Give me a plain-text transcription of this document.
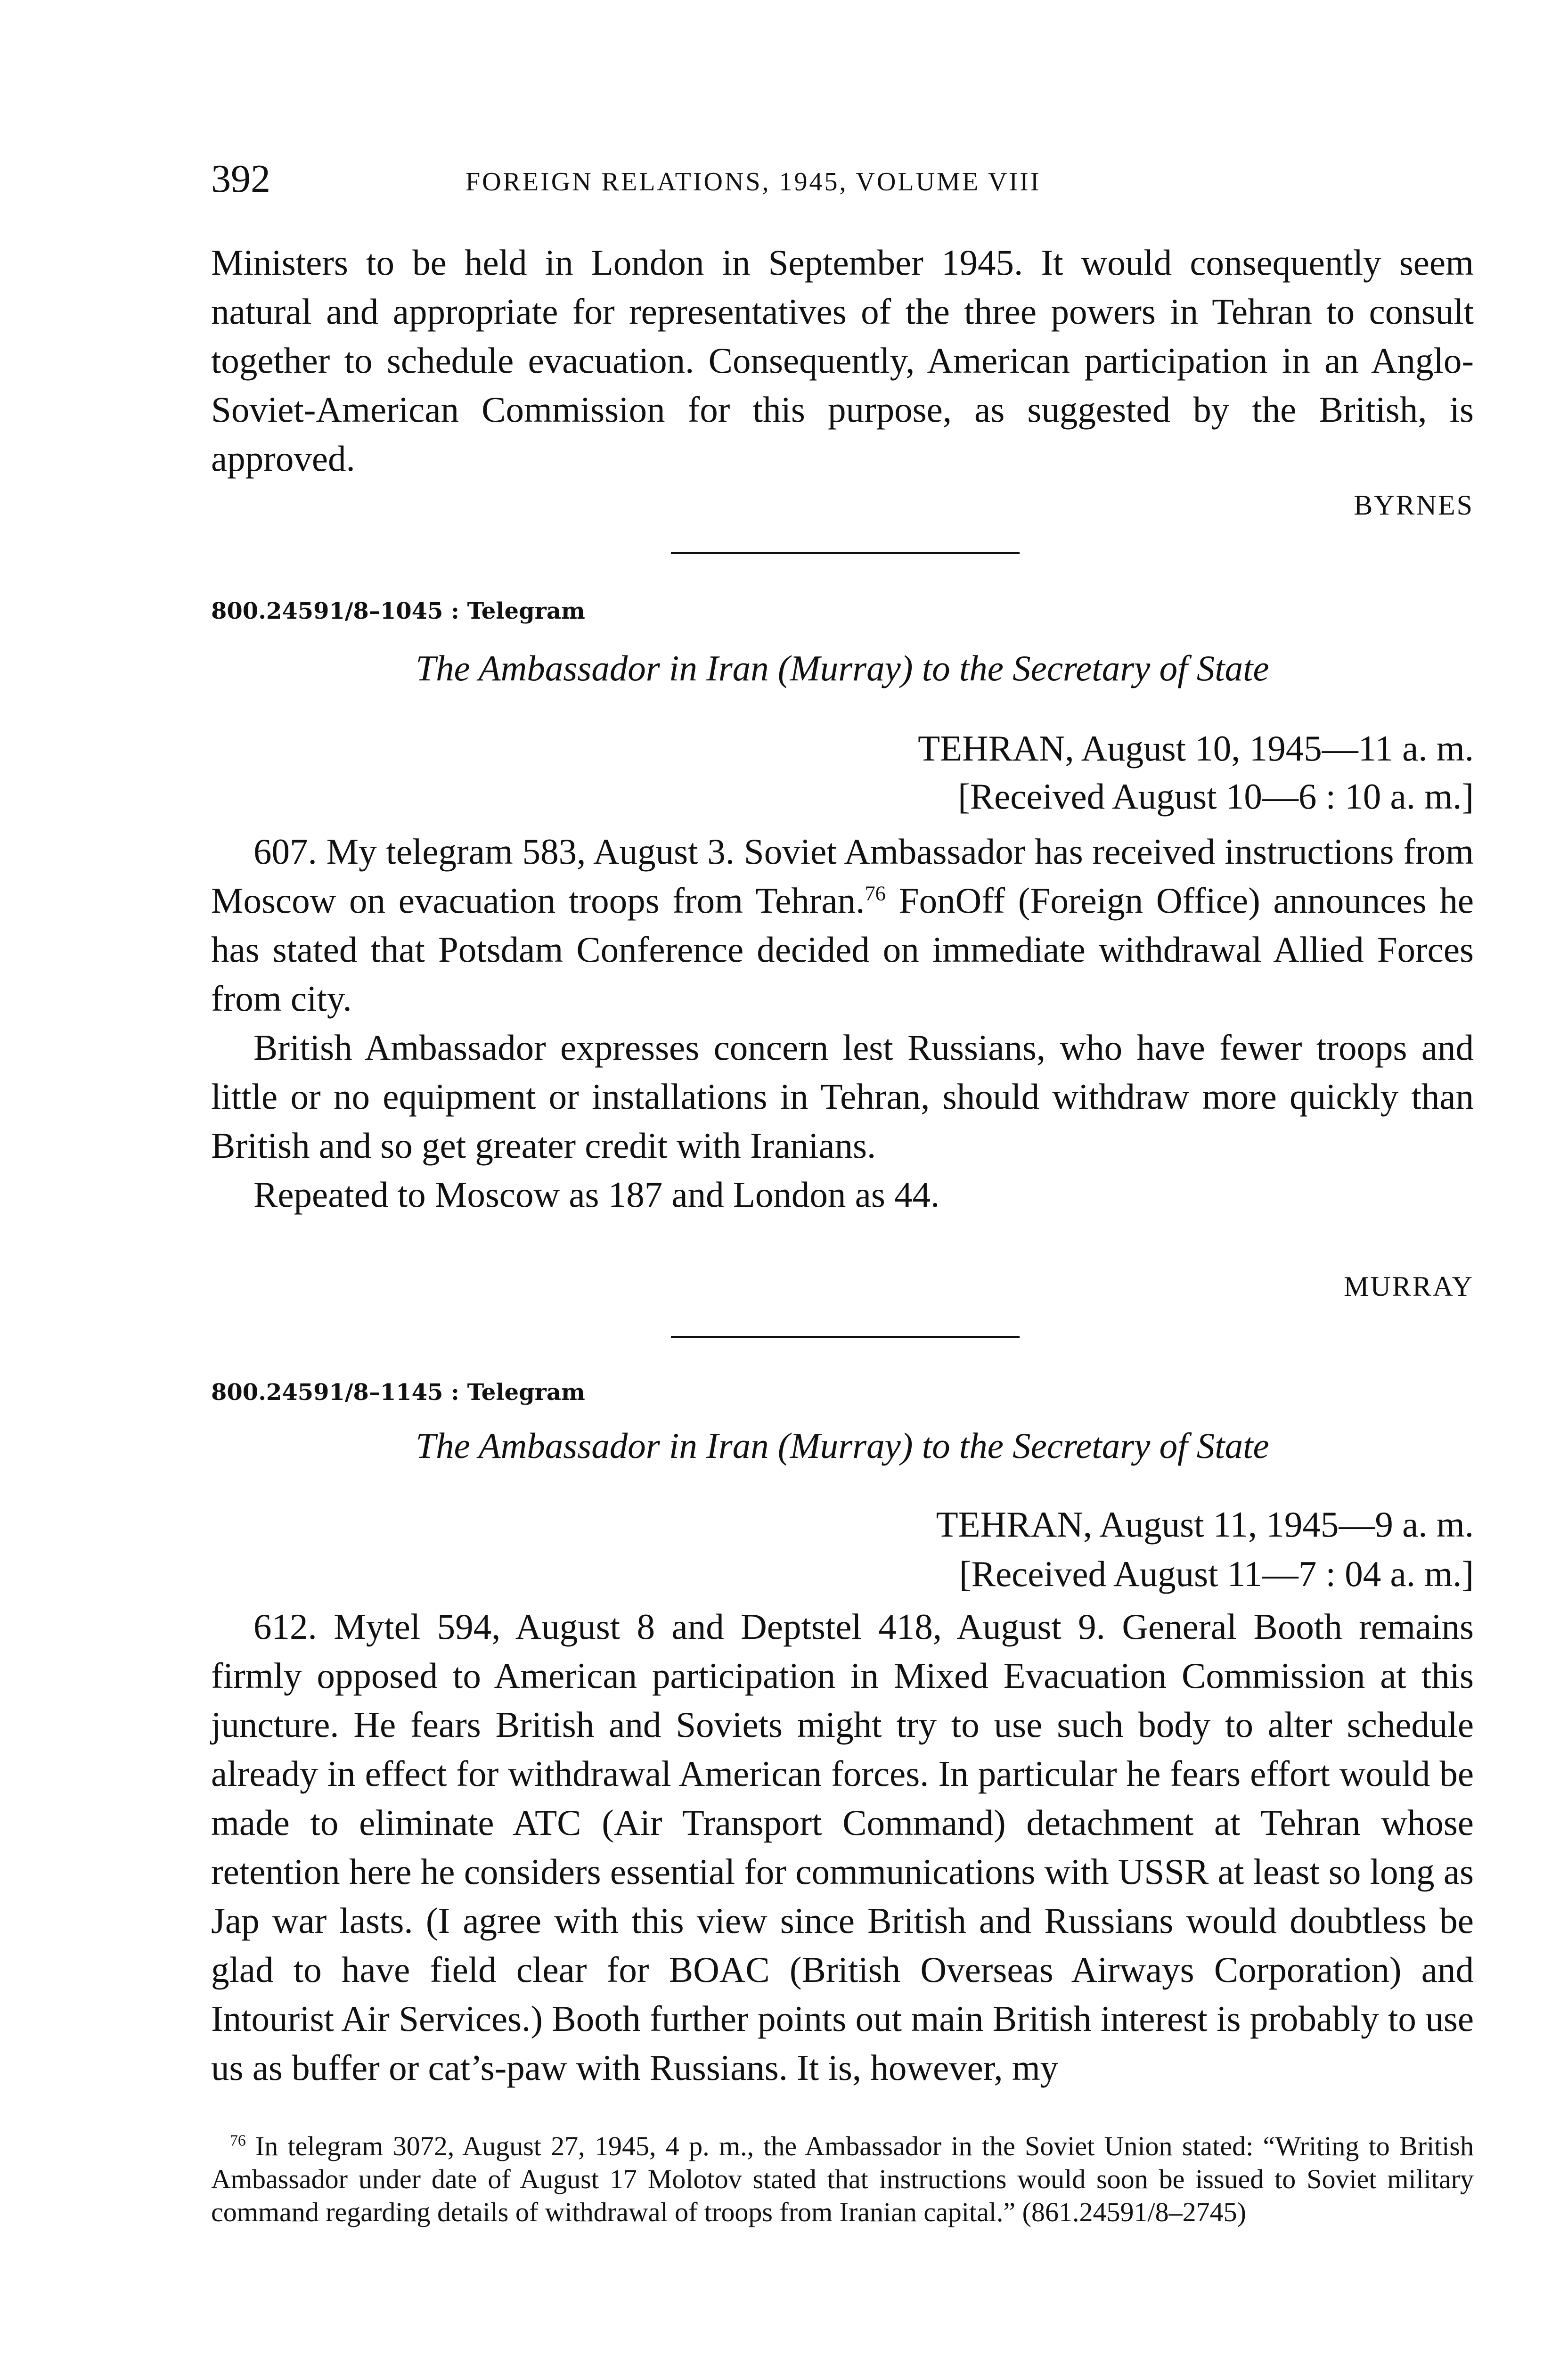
392	FOREIGN RELATIONS, 1945, VOLUME VIII

Ministers to be held in London in September 1945. It would consequently seem natural and appropriate for representatives of the three powers in Tehran to consult together to schedule evacuation. Consequently, American participation in an Anglo-Soviet-American Commission for this purpose, as suggested by the British, is approved.

BYRNES
800.24591/8–1045 : Telegram
The Ambassador in Iran (Murray) to the Secretary of State
TEHRAN, August 10, 1945—11 a. m.
[Received August 10—6 : 10 a. m.]

607. My telegram 583, August 3. Soviet Ambassador has received instructions from Moscow on evacuation troops from Tehran.$^{76}$ FonOff (Foreign Office) announces he has stated that Potsdam Conference decided on immediate withdrawal Allied Forces from city.

British Ambassador expresses concern lest Russians, who have fewer troops and little or no equipment or installations in Tehran, should withdraw more quickly than British and so get greater credit with Iranians.

Repeated to Moscow as 187 and London as 44.

MURRAY
800.24591/8–1145 : Telegram
The Ambassador in Iran (Murray) to the Secretary of State
TEHRAN, August 11, 1945—9 a. m.
[Received August 11—7 : 04 a. m.]

612. Mytel 594, August 8 and Deptstel 418, August 9. General Booth remains firmly opposed to American participation in Mixed Evacuation Commission at this juncture. He fears British and Soviets might try to use such body to alter schedule already in effect for withdrawal American forces. In particular he fears effort would be made to eliminate ATC (Air Transport Command) detachment at Tehran whose retention here he considers essential for communications with USSR at least so long as Jap war lasts. (I agree with this view since British and Russians would doubtless be glad to have field clear for BOAC (British Overseas Airways Corporation) and Intourist Air Services.) Booth further points out main British interest is probably to use us as buffer or cat’s-paw with Russians. It is, however, my

$^{76}$ In telegram 3072, August 27, 1945, 4 p. m., the Ambassador in the Soviet Union stated: “Writing to British Ambassador under date of August 17 Molotov stated that instructions would soon be issued to Soviet military command regarding details of withdrawal of troops from Iranian capital.” (861.24591/8–2745)
